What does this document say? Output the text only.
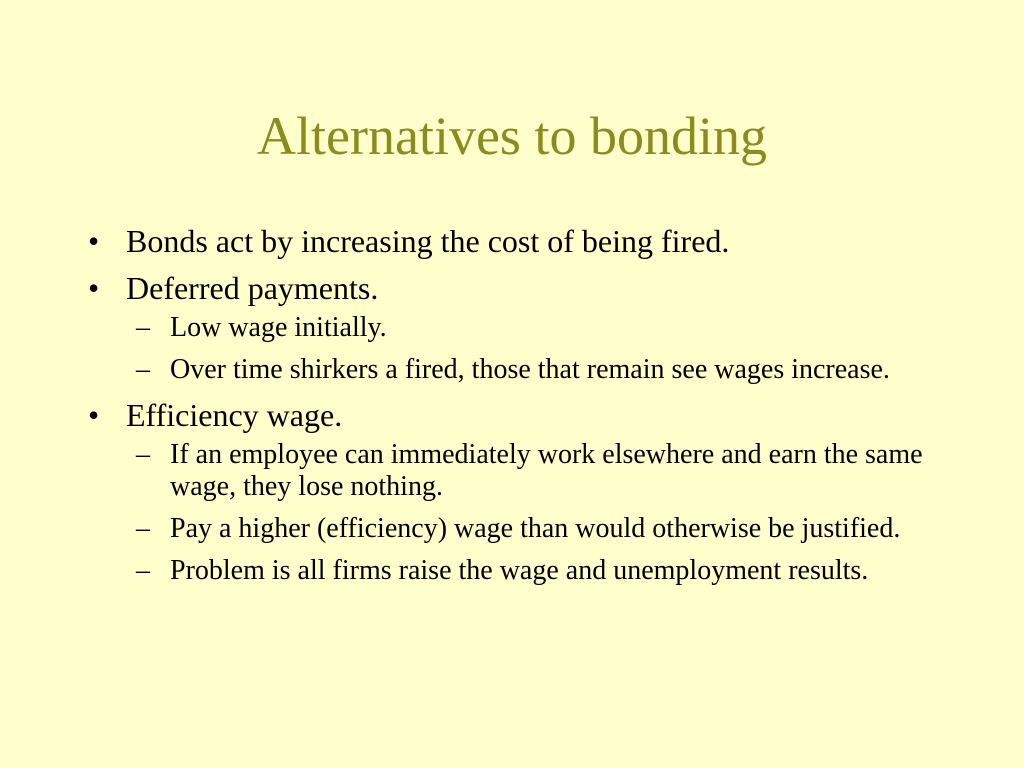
Alternatives to bonding
• Bonds act by increasing the cost of being fired.
• Deferred payments.
– Low wage initially.
– Over time shirkers a fired, those that remain see wages increase.
• Efficiency wage.
– If an employee can immediately work elsewhere and earn the same wage, they lose nothing.
– Pay a higher (efficiency) wage than would otherwise be justified.
– Problem is all firms raise the wage and unemployment results.
